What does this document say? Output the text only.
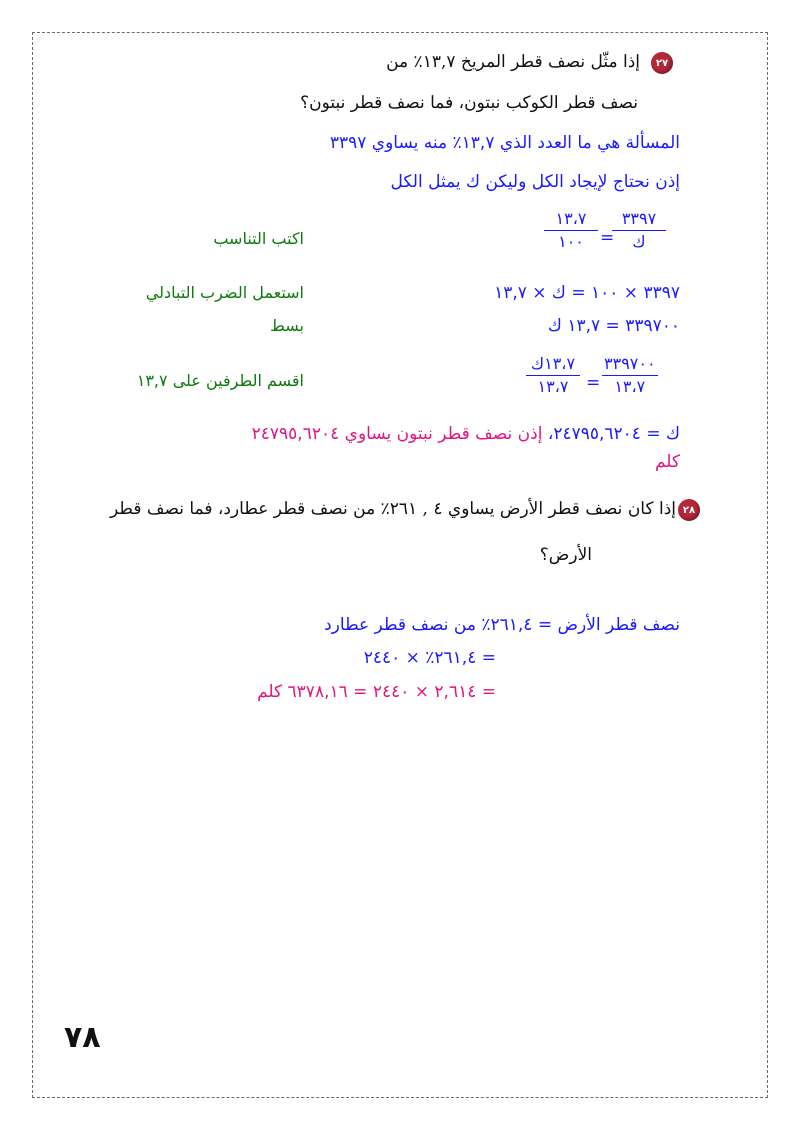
٢٧
إذا مثّل نصف قطر المريخ ١٣,٧٪ من
نصف قطر الكوكب نبتون، فما نصف قطر نبتون؟
المسألة هي ما العدد الذي ١٣,٧٪ منه يساوي ٣٣٩٧
إذن نحتاج لإيجاد الكل وليكن ك يمثل الكل
٣٣٩٧
ك
=
١٣،٧
١٠٠
اكتب التناسب
٣٣٩٧ × ١٠٠ = ك × ١٣,٧
استعمل الضرب التبادلي
٣٣٩٧٠٠ = ١٣,٧ ك
بسط
٣٣٩٧٠٠
١٣،٧
=
١٣،٧ك
١٣،٧
اقسم الطرفين على ١٣,٧
ك = ٢٤٧٩٥,٦٢٠٤، إذن نصف قطر نبتون يساوي ٢٤٧٩٥,٦٢٠٤
كلم
٢٨
إذا كان نصف قطر الأرض يساوي ٤ , ٢٦١٪ من نصف قطر عطارد، فما نصف قطر
الأرض؟
نصف قطر الأرض = ٢٦١,٤٪ من نصف قطر عطارد
= ٢٦١,٤٪ × ٢٤٤٠
= ٢,٦١٤ × ٢٤٤٠ = ٦٣٧٨,١٦ كلم
٧٨
